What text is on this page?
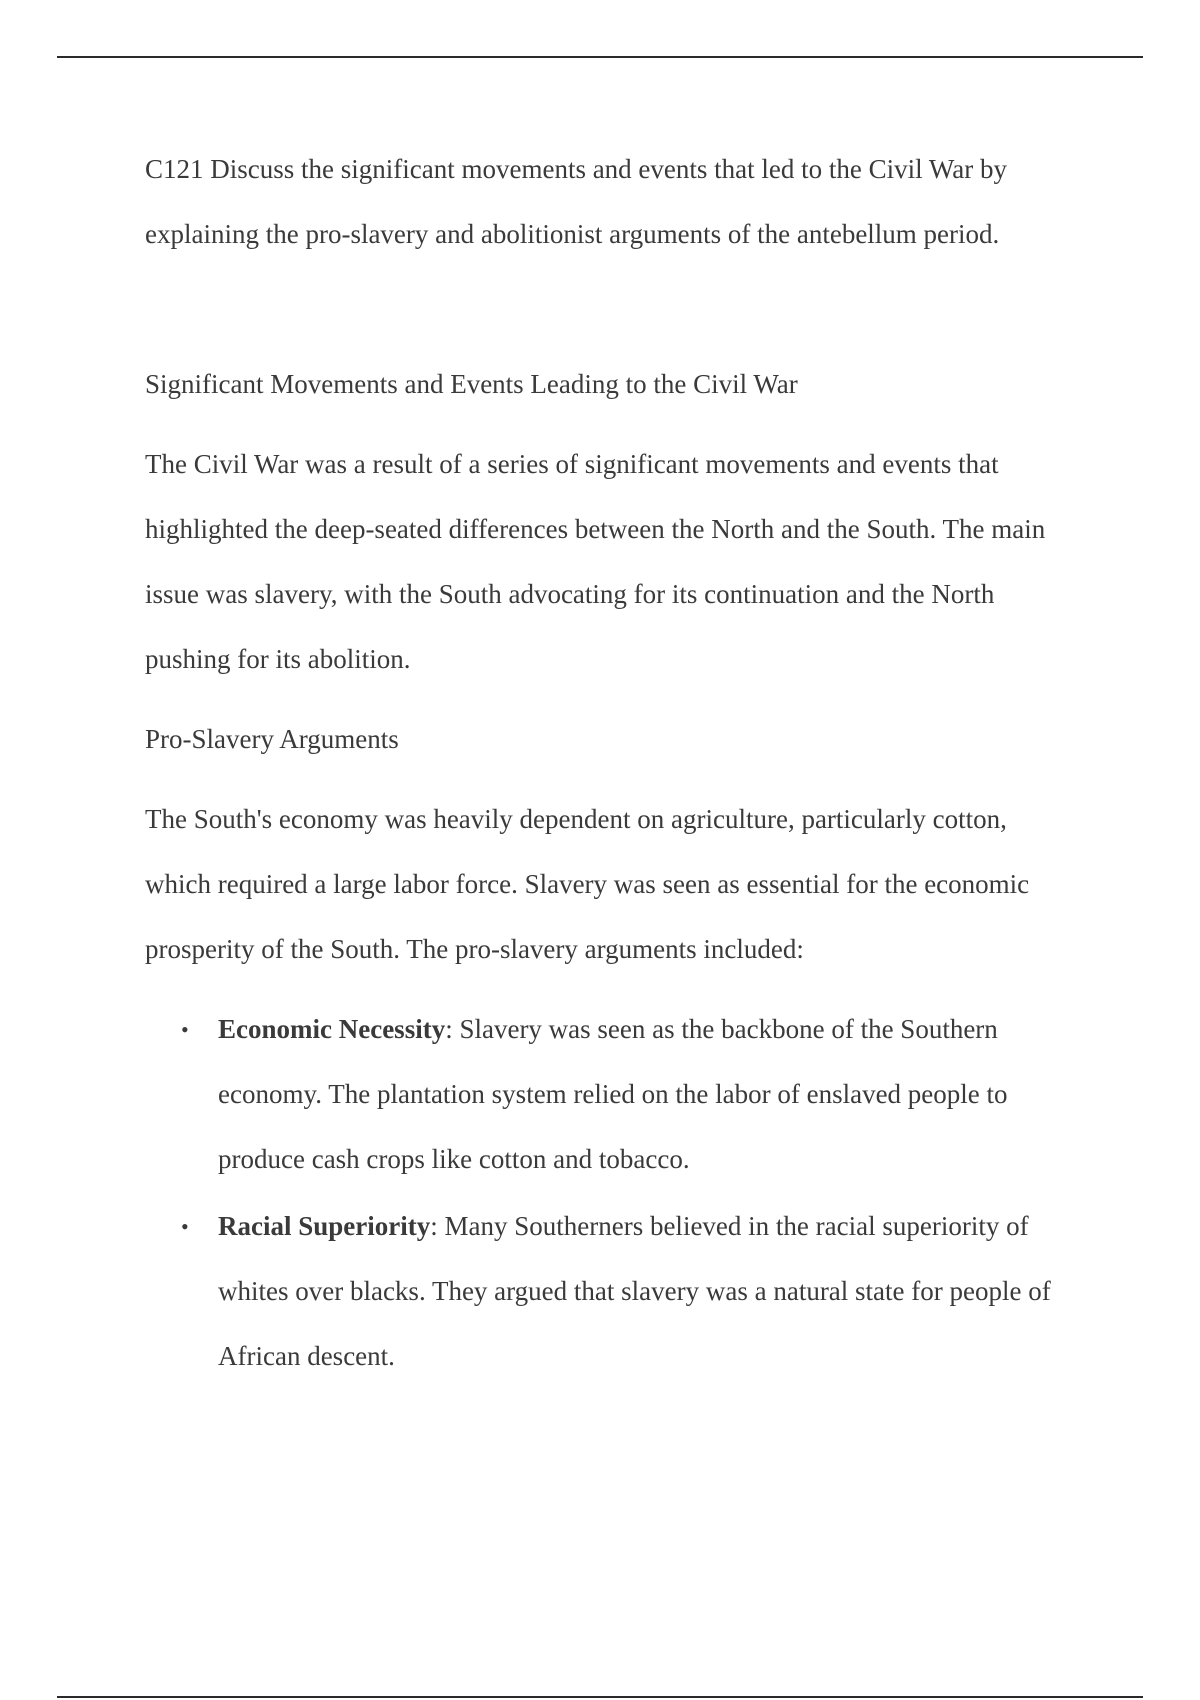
C121 Discuss the significant movements and events that led to the Civil War by explaining the pro-slavery and abolitionist arguments of the antebellum period.

Significant Movements and Events Leading to the Civil War

The Civil War was a result of a series of significant movements and events that highlighted the deep-seated differences between the North and the South. The main issue was slavery, with the South advocating for its continuation and the North pushing for its abolition.

Pro-Slavery Arguments

The South's economy was heavily dependent on agriculture, particularly cotton, which required a large labor force. Slavery was seen as essential for the economic prosperity of the South. The pro-slavery arguments included:

• Economic Necessity: Slavery was seen as the backbone of the Southern economy. The plantation system relied on the labor of enslaved people to produce cash crops like cotton and tobacco.
• Racial Superiority: Many Southerners believed in the racial superiority of whites over blacks. They argued that slavery was a natural state for people of African descent.
